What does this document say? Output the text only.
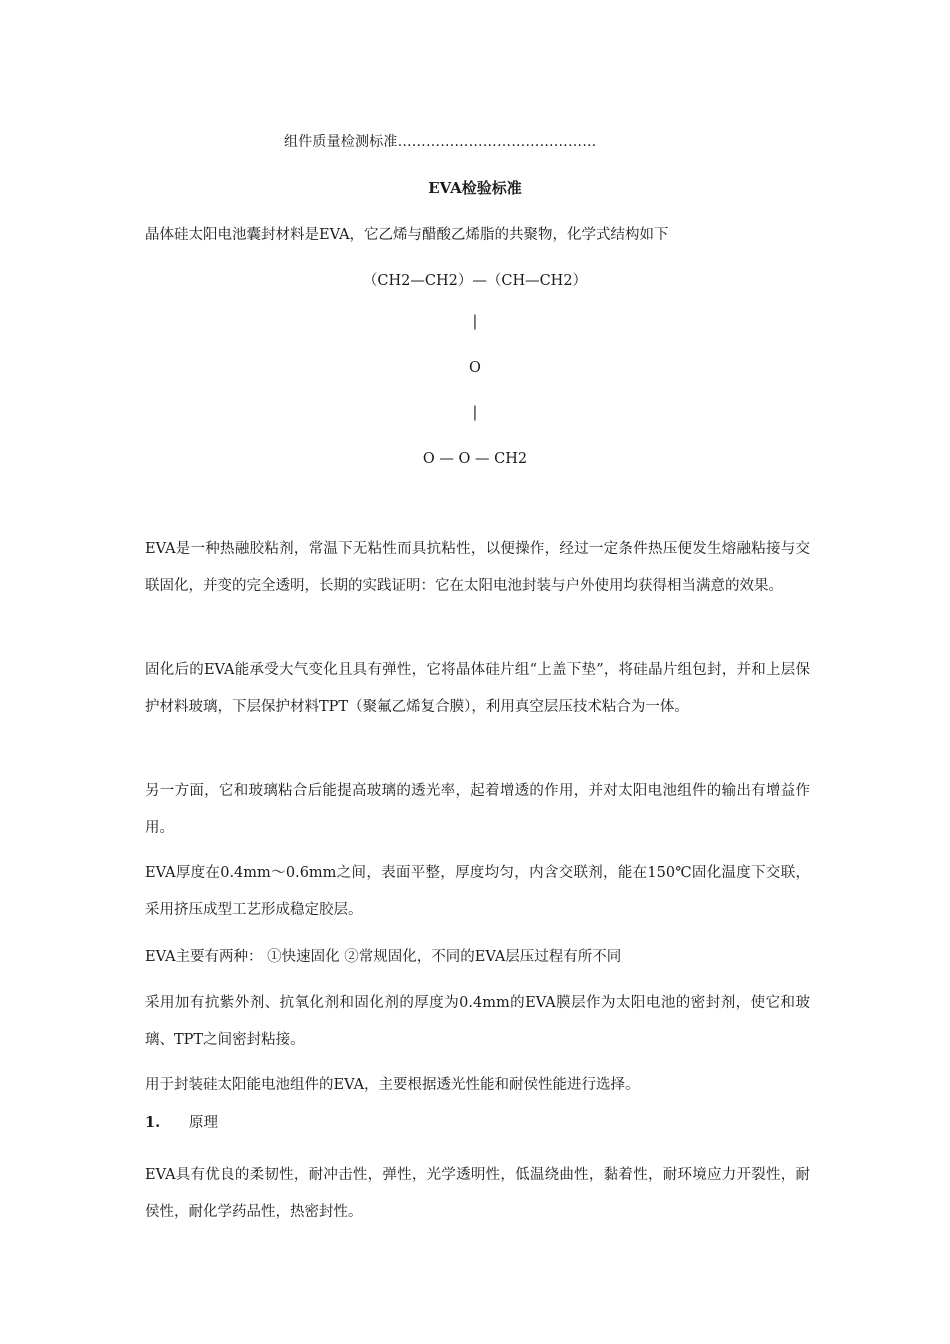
组件质量检测标准……………………………………
EVA检验标准
晶体硅太阳电池囊封材料是EVA，它乙烯与醋酸乙烯脂的共聚物，化学式结构如下
（CH2—CH2）—（CH—CH2）
|
O
|
O — O — CH2
EVA是一种热融胶粘剂，常温下无粘性而具抗粘性，以便操作，经过一定条件热压便发生熔融粘接与交联固化，并变的完全透明，长期的实践证明：它在太阳电池封装与户外使用均获得相当满意的效果。
固化后的EVA能承受大气变化且具有弹性，它将晶体硅片组“上盖下垫”，将硅晶片组包封，并和上层保护材料玻璃，下层保护材料TPT（聚氟乙烯复合膜），利用真空层压技术粘合为一体。
另一方面，它和玻璃粘合后能提高玻璃的透光率，起着增透的作用，并对太阳电池组件的输出有增益作用。
EVA厚度在0.4mm～0.6mm之间，表面平整，厚度均匀，内含交联剂，能在150℃固化温度下交联，采用挤压成型工艺形成稳定胶层。
EVA主要有两种： ①快速固化 ②常规固化，不同的EVA层压过程有所不同
采用加有抗紫外剂、抗氧化剂和固化剂的厚度为0.4mm的EVA膜层作为太阳电池的密封剂，使它和玻璃、TPT之间密封粘接。
用于封装硅太阳能电池组件的EVA，主要根据透光性能和耐侯性能进行选择。
1. 原理
EVA具有优良的柔韧性，耐冲击性，弹性，光学透明性，低温绕曲性，黏着性，耐环境应力开裂性，耐侯性，耐化学药品性，热密封性。
